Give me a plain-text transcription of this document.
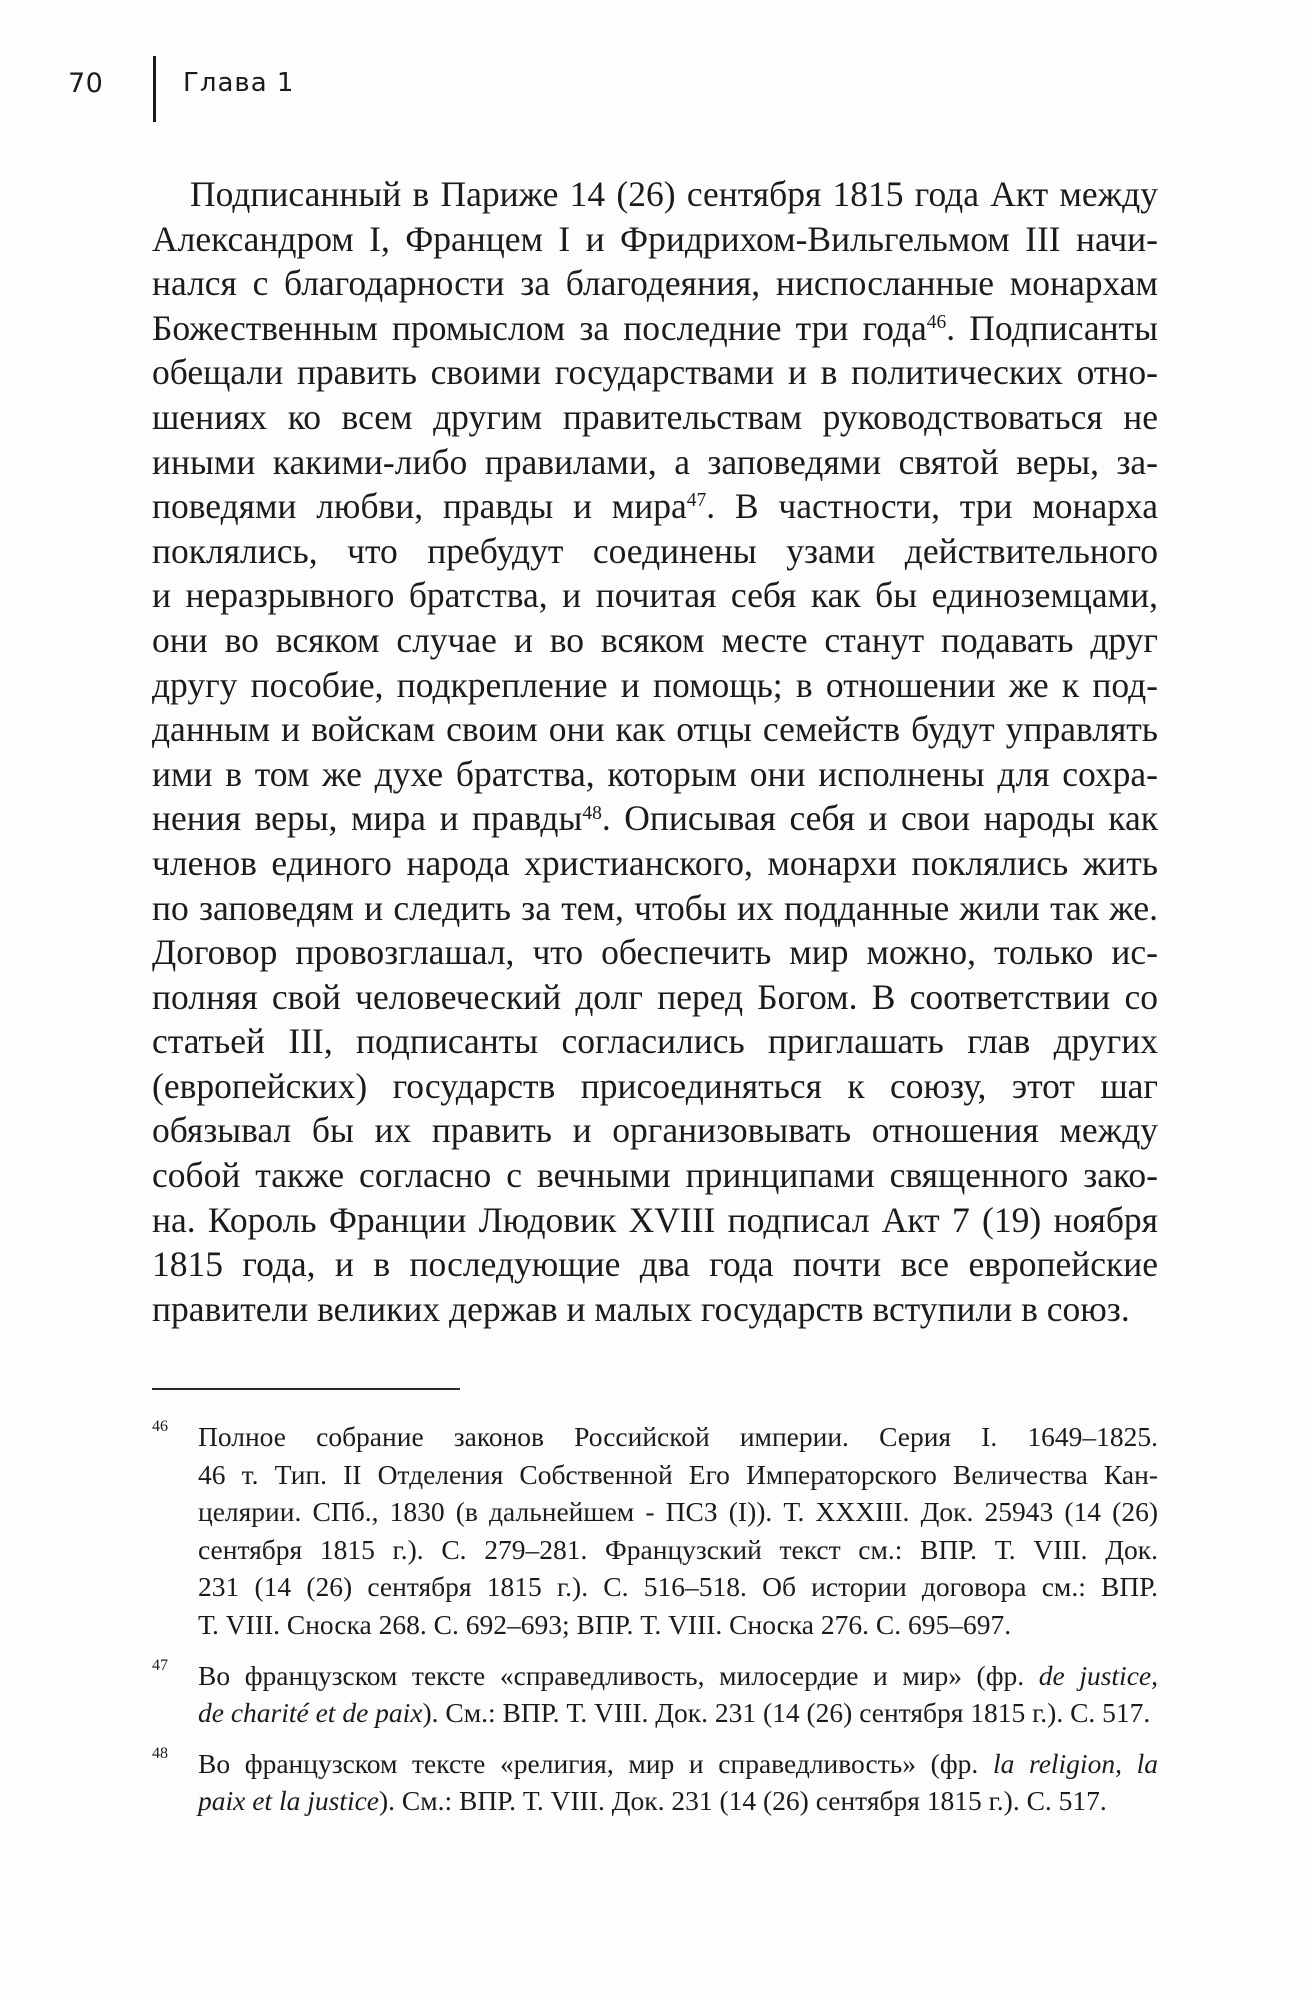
70	Глава 1
Подписанный в Париже 14 (26) сентября 1815 года Акт между
Александром I, Францем I и Фридрихом-Вильгельмом III начи-
нался с благодарности за благодеяния, ниспосланные монархам
Божественным промыслом за последние три года$^{46}$. Подписанты
обещали править своими государствами и в политических отно-
шениях ко всем другим правительствам руководствоваться не
иными какими-либо правилами, а заповедями святой веры, за-
поведями любви, правды и мира$^{47}$. В частности, три монарха
поклялись, что пребудут соединены узами действительного
и неразрывного братства, и почитая себя как бы единоземцами,
они во всяком случае и во всяком месте станут подавать друг
другу пособие, подкрепление и помощь; в отношении же к под-
данным и войскам своим они как отцы семейств будут управлять
ими в том же духе братства, которым они исполнены для сохра-
нения веры, мира и правды$^{48}$. Описывая себя и свои народы как
членов единого народа христианского, монархи поклялись жить
по заповедям и следить за тем, чтобы их подданные жили так же.
Договор провозглашал, что обеспечить мир можно, только ис-
полняя свой человеческий долг перед Богом. В соответствии со
статьей III, подписанты согласились приглашать глав других
(европейских) государств присоединяться к союзу, этот шаг
обязывал бы их править и организовывать отношения между
собой также согласно с вечными принципами священного зако-
на. Король Франции Людовик XVIII подписал Акт 7 (19) ноября
1815 года, и в последующие два года почти все европейские
правители великих держав и малых государств вступили в союз.
46 Полное собрание законов Российской империи. Серия I. 1649–1825.
46 т. Тип. II Отделения Собственной Его Императорского Величества Кан-
целярии. СПб., 1830 (в дальнейшем - ПСЗ (I)). Т. XXXIII. Док. 25943 (14 (26)
сентября 1815 г.). С. 279–281. Французский текст см.: ВПР. Т. VIII. Док.
231 (14 (26) сентября 1815 г.). С. 516–518. Об истории договора см.: ВПР.
Т. VIII. Сноска 268. С. 692–693; ВПР. Т. VIII. Сноска 276. С. 695–697.
47 Во французском тексте «справедливость, милосердие и мир» (фр. de justice,
de charité et de paix). См.: ВПР. Т. VIII. Док. 231 (14 (26) сентября 1815 г.). С. 517.
48 Во французском тексте «религия, мир и справедливость» (фр. la religion, la
paix et la justice). См.: ВПР. Т. VIII. Док. 231 (14 (26) сентября 1815 г.). С. 517.
